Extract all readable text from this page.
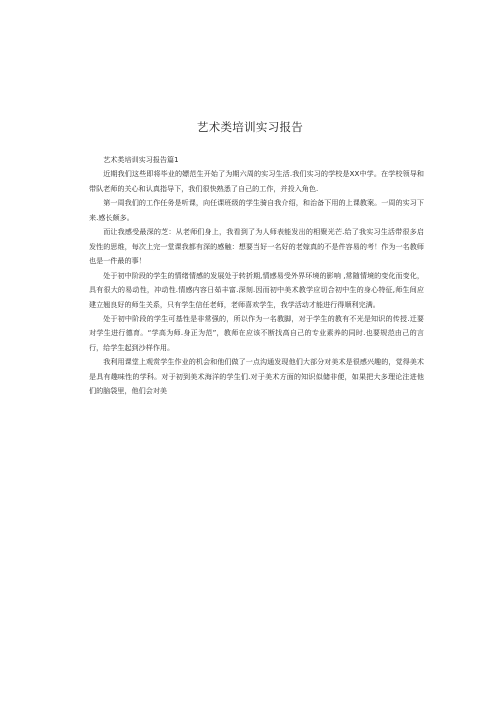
艺术类培训实习报告

艺术类培训实习报告篇1

近期我们这些即将毕业的嫖范生开始了为期六周的实习生活.我们实习的学校是XX中学。在学校领导和带队老师的关心和认真指导下，我们很快熟悉了自己的工作，并投入角色.

第一周我们的工作任务是听课，向任课班级的学生骑自我介绍，和治备下用的上课教案。一周的实习下来.感长颇多。

而让我感受最深的芝：从老师们身上，我看到了为人师表能发出的相聚光芒.给了我实习生活带很多启发性的思维，每次上完一堂课我都有深的感触：想要当好一名好的老嫁真的不是件容易的考！作为一名教师也是一件最的事！

处于初中阶段的学生的情绪情感的发展处于转折期,情感易受外界环境的影响 ,常随情境的变化而变化，具有很大的易动性，冲动性.情感内容日茹丰富.深刻.因而初中美术教学应切合初中生的身心特征,师生间应建立翘良好的师生关系，只有学生信任老师，老师喜欢学生，我学活动才能进行得顺利完满。

处于初中阶段的学生可基性是非常强的，所以作为一名教脚，对于学生的教有不光是知识的传授.迁要对学生进行德育。“学高为师.身正为范”，教师在应该不断找高自己的专业素养的同时.也要规范由己的言行，给学生起到沙样作用。

我利用课堂上观赏学生作业的机会和他们做了一点沟通发现他们大部分对美术是很感兴趣的，觉得美术是具有趣味性的学科。对于初到美术海洋的学生们.对于美术方面的知识似储非便，如果把大多理论注进他们的脑袋里，他们会对美
